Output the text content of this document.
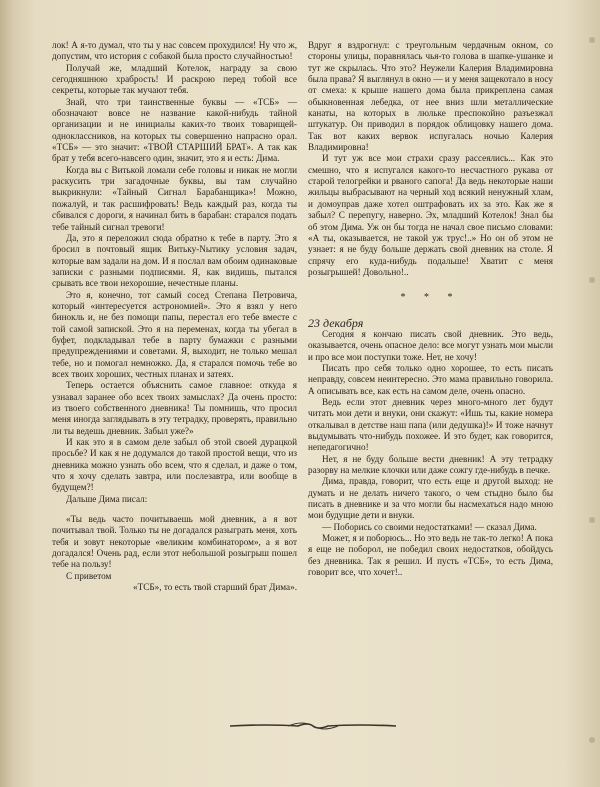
лок! А я-то думал, что ты у нас совсем прохудился! Ну что ж, допустим, что история с собакой была просто случайностью!

Получай же, младший Котелок, награду за свою сегодняшнюю храбрость! И раскрою перед тобой все секреты, которые так мучают тебя.

Знай, что три таинственные буквы — «ТСБ» — обозначают вовсе не название какой-нибудь тайной организации и не инициалы каких-то твоих товарищей-одноклассников, на которых ты совершенно напрасно орал. «ТСБ» — это значит: «ТВОЙ СТАРШИЙ БРАТ». А так как брат у тебя всего-навсего один, значит, это я и есть: Дима.

Когда вы с Витькой ломали себе головы и никак не могли раскусить три загадочные буквы, вы там случайно выкрикнули: «Тайный Сигнал Барабанщика»! Можно, пожалуй, и так расшифровать! Ведь каждый раз, когда ты сбивался с дороги, я начинал бить в барабан: старался подать тебе тайный сигнал тревоги!

Да, это я переложил сюда обратно к тебе в парту. Это я бросил в почтовый ящик Витьку-Nытику условия задач, которые вам задали на дом. И я послал вам обоим одинаковые записки с разными подписями. Я, как видишь, пытался срывать все твои нехорошие, нечестные планы.

Это я, конечно, тот самый сосед Степана Петровича, который «интересуется астрономией». Это я взял у него бинокль и, не без помощи папы, перестал его тебе вместе с той самой запиской. Это я на переменах, когда ты убегал в буфет, подкладывал тебе в парту бумажки с разными предупреждениями и советами. Я, выходит, не только мешал тебе, но и помогал немножко. Да, я старался помочь тебе во всех твоих хороших, честных планах и затеях.

Теперь остается объяснить самое главное: откуда я узнавал заранее обо всех твоих замыслах? Да очень просто: из твоего собственного дневника! Ты помнишь, что просил меня иногда заглядывать в эту тетрадку, проверять, правильно ли ты ведешь дневник. Забыл уже?»

И как это я в самом деле забыл об этой своей дурацкой просьбе? И как я не додумался до такой простой вещи, что из дневника можно узнать обо всем, что я сделал, и даже о том, что я хочу сделать завтра, или послезавтра, или вообще в будущем?!

Дальше Дима писал:

«Ты ведь часто почитываешь мой дневник, а я вот почитывал твой. Только ты не догадался разыграть меня, хоть тебя и зовут некоторые «великим комбинатором», а я вот догадался! Очень рад, если этот небольшой розыгрыш пошел тебе на пользу!

С приветом

«ТСБ», то есть твой старший брат Дима».

Вдруг я вздрогнул: с треугольным чердачным окном, со стороны улицы, поравнялась чья-то голова в шапке-ушанке и тут же скрылась. Что это? Неужели Калерия Владимировна была права? Я выглянул в окно — и у меня защекотало в носу от смеха: к крыше нашего дома была прикреплена самая обыкновенная лебедка, от нее вниз шли металлические канаты, на которых в люльке преспокойно разъезжал штукатур. Он приводил в порядок облицовку нашего дома. Так вот каких вервок испугалась ночью Калерия Владимировна!

И тут уж все мои страхи сразу рассеялись... Как это смешно, что я испугался какого-то несчастного рукава от старой телогрейки и рваного сапога! Да ведь некоторые наши жильцы выбрасывают на черный ход всякий ненужный хлам, и домоуправ даже хотел оштрафовать их за это. Как же я забыл? С перепугу, наверно. Эх, младший Котелок! Знал бы об этом Дима. Уж он бы тогда не начал свое письмо словами: «А ты, оказывается, не такой уж трус!..» Но он об этом не узнает: я не буду больше держать свой дневник на столе. Я спрячу его куда-нибудь подальше! Хватит с меня розыгрышей! Довольно!..

* * *

23 декабря

Сегодня я кончаю писать свой дневник. Это ведь, оказывается, очень опасное дело: все могут узнать мои мысли и про все мои поступки тоже. Нет, не хочу!

Писать про себя только одно хорошее, то есть писать неправду, совсем неинтересно. Это мама правильно говорила. А описывать все, как есть на самом деле, очень опасно.

Ведь если этот дневник через много-много лет будут читать мои дети и внуки, они скажут: «Ишь ты, какие номера откалывал в детстве наш папа (или дедушка)!» И тоже начнут выдумывать что-нибудь похожее. И это будет, как говорится, непедагогично!

Нет, я не буду больше вести дневник! А эту тетрадку разорву на мелкие клочки или даже сожгу где-нибудь в печке.

Дима, правда, говорит, что есть еще и другой выход: не думать и не делать ничего такого, о чем стыдно было бы писать в дневнике и за что могли бы насмехаться надо мною мои будущие дети и внуки.

— Поборись со своими недостатками! — сказал Дима.

Может, я и поборюсь... Но это ведь не так-то легко! А пока я еще не поборол, не победил своих недостатков, обойдусь без дневника. Так я решил. И пусть «ТСБ», то есть Дима, говорит все, что хочет!..
